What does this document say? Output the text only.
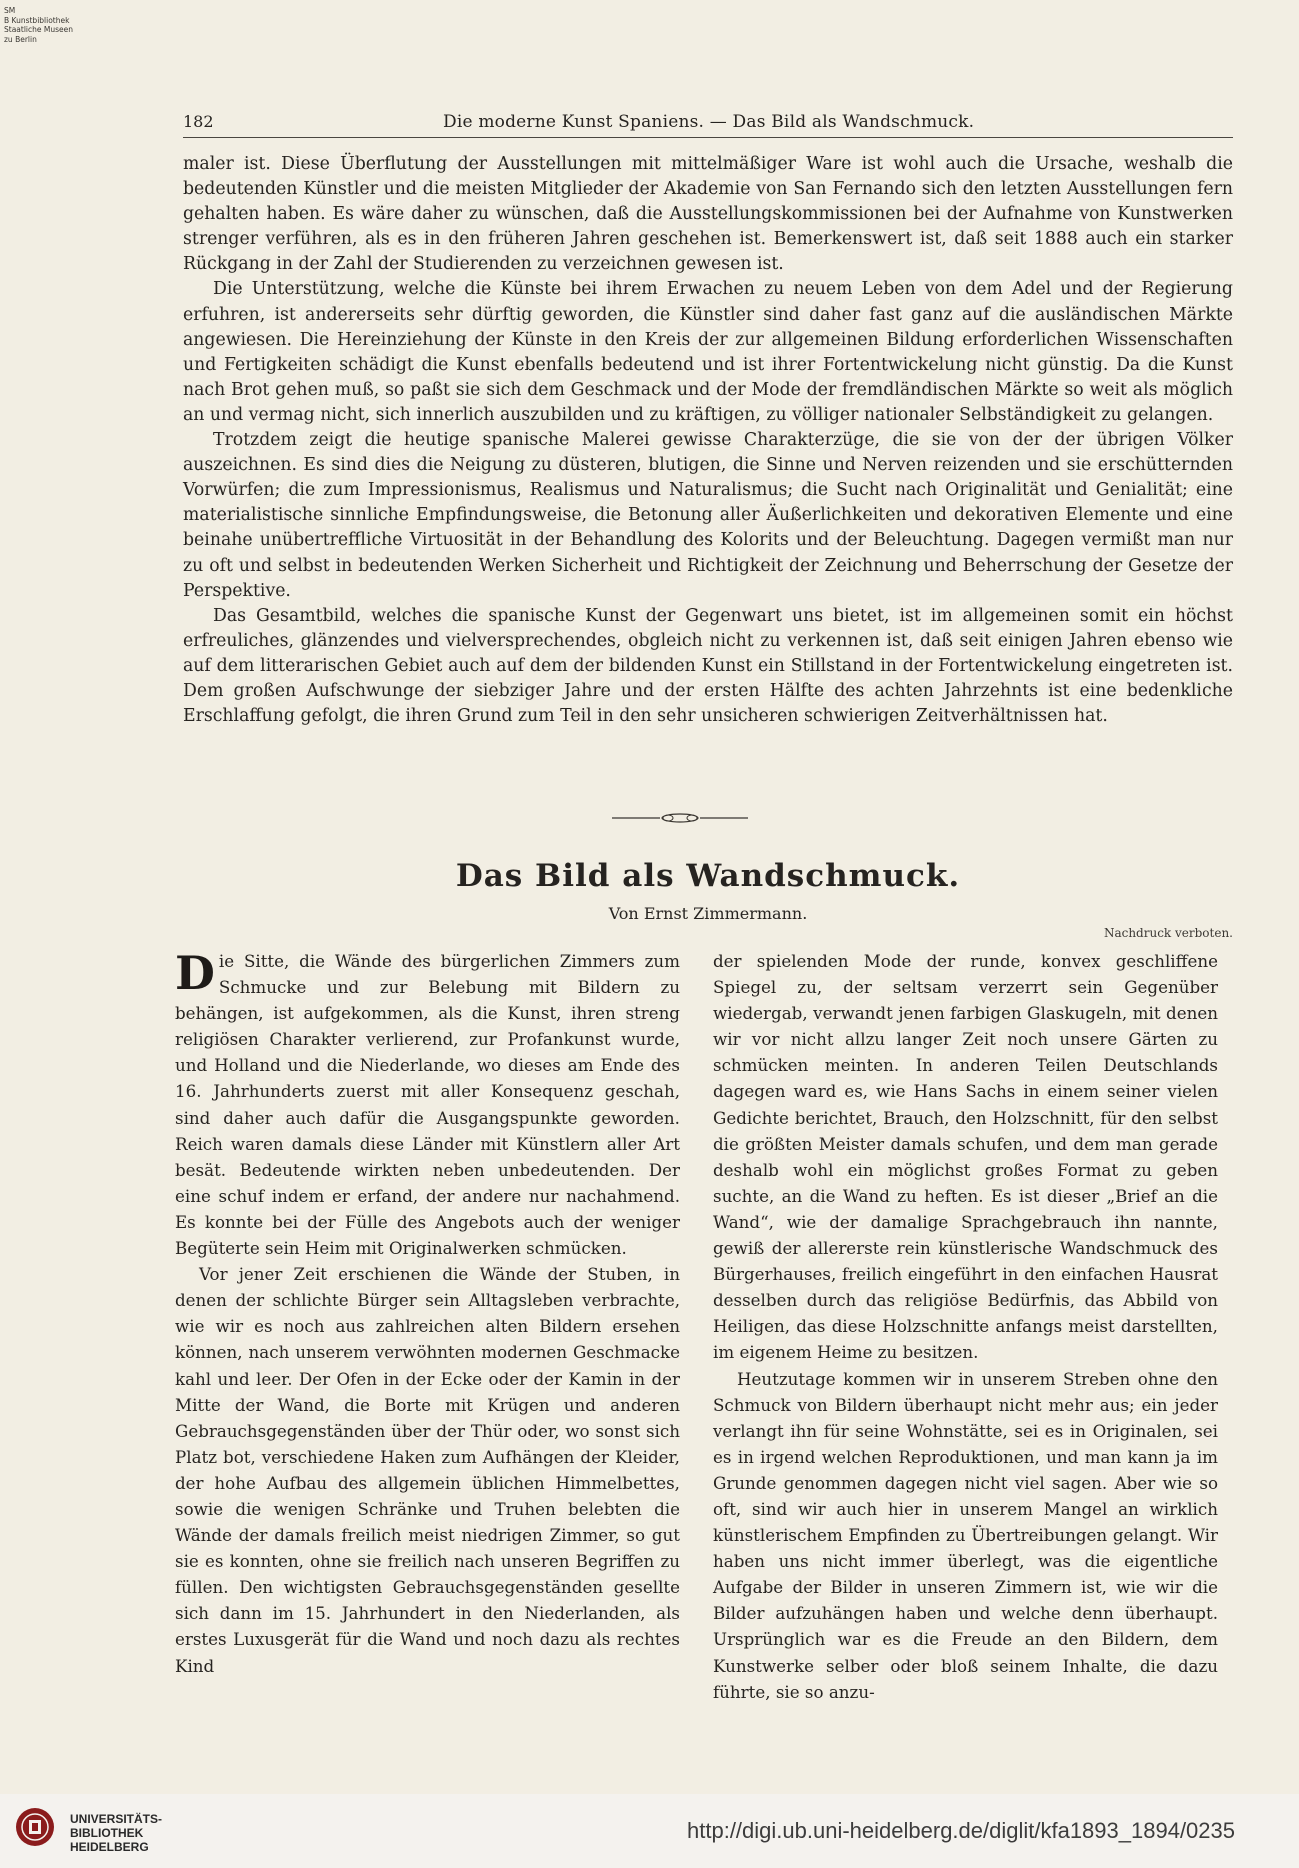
SM
B Kunstbibliothek
Staatliche Museen
zu Berlin
182	Die moderne Kunst Spaniens. — Das Bild als Wandschmuck.

maler ist. Diese Überflutung der Ausstellungen mit mittelmäßiger Ware ist wohl auch die Ursache, weshalb die bedeutenden Künstler und die meisten Mitglieder der Akademie von San Fernando sich den letzten Ausstellungen fern gehalten haben. Es wäre daher zu wünschen, daß die Ausstellungskommissionen bei der Aufnahme von Kunstwerken strenger verführen, als es in den früheren Jahren geschehen ist. Bemerkenswert ist, daß seit 1888 auch ein starker Rückgang in der Zahl der Studierenden zu verzeichnen gewesen ist.

Die Unterstützung, welche die Künste bei ihrem Erwachen zu neuem Leben von dem Adel und der Regierung erfuhren, ist andererseits sehr dürftig geworden, die Künstler sind daher fast ganz auf die ausländischen Märkte angewiesen. Die Hereinziehung der Künste in den Kreis der zur allgemeinen Bildung erforderlichen Wissenschaften und Fertigkeiten schädigt die Kunst ebenfalls bedeutend und ist ihrer Fortentwickelung nicht günstig. Da die Kunst nach Brot gehen muß, so paßt sie sich dem Geschmack und der Mode der fremdländischen Märkte so weit als möglich an und vermag nicht, sich innerlich auszubilden und zu kräftigen, zu völliger nationaler Selbständigkeit zu gelangen.

Trotzdem zeigt die heutige spanische Malerei gewisse Charakterzüge, die sie von der der übrigen Völker auszeichnen. Es sind dies die Neigung zu düsteren, blutigen, die Sinne und Nerven reizenden und sie erschütternden Vorwürfen; die zum Impressionismus, Realismus und Naturalismus; die Sucht nach Originalität und Genialität; eine materialistische sinnliche Empfindungsweise, die Betonung aller Äußerlichkeiten und dekorativen Elemente und eine beinahe unübertreffliche Virtuosität in der Behandlung des Kolorits und der Beleuchtung. Dagegen vermißt man nur zu oft und selbst in bedeutenden Werken Sicherheit und Richtigkeit der Zeichnung und Beherrschung der Gesetze der Perspektive.

Das Gesamtbild, welches die spanische Kunst der Gegenwart uns bietet, ist im allgemeinen somit ein höchst erfreuliches, glänzendes und vielversprechendes, obgleich nicht zu verkennen ist, daß seit einigen Jahren ebenso wie auf dem litterarischen Gebiet auch auf dem der bildenden Kunst ein Stillstand in der Fortentwickelung eingetreten ist. Dem großen Aufschwunge der siebziger Jahre und der ersten Hälfte des achten Jahrzehnts ist eine bedenkliche Erschlaffung gefolgt, die ihren Grund zum Teil in den sehr unsicheren schwierigen Zeitverhältnissen hat.

Das Bild als Wandschmuck.
Von Ernst Zimmermann.
Nachdruck verboten.

Die Sitte, die Wände des bürgerlichen Zimmers zum Schmucke und zur Belebung mit Bildern zu behängen, ist aufgekommen, als die Kunst, ihren streng religiösen Charakter verlierend, zur Profankunst wurde, und Holland und die Niederlande, wo dieses am Ende des 16. Jahrhunderts zuerst mit aller Konsequenz geschah, sind daher auch dafür die Ausgangspunkte geworden. Reich waren damals diese Länder mit Künstlern aller Art besät. Bedeutende wirkten neben unbedeutenden. Der eine schuf indem er erfand, der andere nur nachahmend. Es konnte bei der Fülle des Angebots auch der weniger Begüterte sein Heim mit Originalwerken schmücken.

Vor jener Zeit erschienen die Wände der Stuben, in denen der schlichte Bürger sein Alltagsleben verbrachte, wie wir es noch aus zahlreichen alten Bildern ersehen können, nach unserem verwöhnten modernen Geschmacke kahl und leer. Der Ofen in der Ecke oder der Kamin in der Mitte der Wand, die Borte mit Krügen und anderen Gebrauchsgegenständen über der Thür oder, wo sonst sich Platz bot, verschiedene Haken zum Aufhängen der Kleider, der hohe Aufbau des allgemein üblichen Himmelbettes, sowie die wenigen Schränke und Truhen belebten die Wände der damals freilich meist niedrigen Zimmer, so gut sie es konnten, ohne sie freilich nach unseren Begriffen zu füllen. Den wichtigsten Gebrauchsgegenständen gesellte sich dann im 15. Jahrhundert in den Niederlanden, als erstes Luxusgerät für die Wand und noch dazu als rechtes Kind

der spielenden Mode der runde, konvex geschliffene Spiegel zu, der seltsam verzerrt sein Gegenüber wiedergab, verwandt jenen farbigen Glaskugeln, mit denen wir vor nicht allzu langer Zeit noch unsere Gärten zu schmücken meinten. In anderen Teilen Deutschlands dagegen ward es, wie Hans Sachs in einem seiner vielen Gedichte berichtet, Brauch, den Holzschnitt, für den selbst die größten Meister damals schufen, und dem man gerade deshalb wohl ein möglichst großes Format zu geben suchte, an die Wand zu heften. Es ist dieser „Brief an die Wand“, wie der damalige Sprachgebrauch ihn nannte, gewiß der allererste rein künstlerische Wandschmuck des Bürgerhauses, freilich eingeführt in den einfachen Hausrat desselben durch das religiöse Bedürfnis, das Abbild von Heiligen, das diese Holzschnitte anfangs meist darstellten, im eigenem Heime zu besitzen.

Heutzutage kommen wir in unserem Streben ohne den Schmuck von Bildern überhaupt nicht mehr aus; ein jeder verlangt ihn für seine Wohnstätte, sei es in Originalen, sei es in irgend welchen Reproduktionen, und man kann ja im Grunde genommen dagegen nicht viel sagen. Aber wie so oft, sind wir auch hier in unserem Mangel an wirklich künstlerischem Empfinden zu Übertreibungen gelangt. Wir haben uns nicht immer überlegt, was die eigentliche Aufgabe der Bilder in unseren Zimmern ist, wie wir die Bilder aufzuhängen haben und welche denn überhaupt. Ursprünglich war es die Freude an den Bildern, dem Kunstwerke selber oder bloß seinem Inhalte, die dazu führte, sie so anzu-

UNIVERSITÄTS-
BIBLIOTHEK
HEIDELBERG
http://digi.ub.uni-heidelberg.de/diglit/kfa1893_1894/0235
